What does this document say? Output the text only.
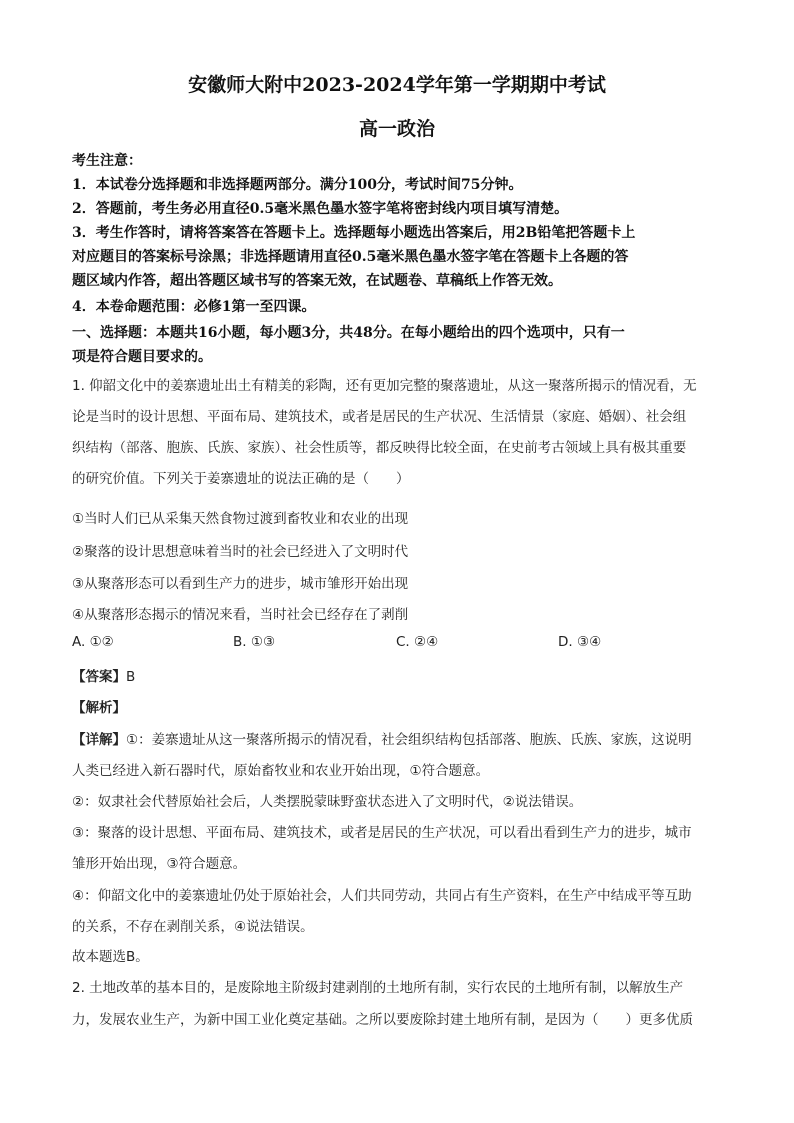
安徽师大附中2023-2024学年第一学期期中考试
高一政治
考生注意：
1．本试卷分选择题和非选择题两部分。满分100分，考试时间75分钟。
2．答题前，考生务必用直径0.5毫米黑色墨水签字笔将密封线内项目填写清楚。
3．考生作答时，请将答案答在答题卡上。选择题每小题选出答案后，用2B铅笔把答题卡上
对应题目的答案标号涂黑；非选择题请用直径0.5毫米黑色墨水签字笔在答题卡上各题的答
题区域内作答，超出答题区域书写的答案无效，在试题卷、草稿纸上作答无效。
4．本卷命题范围：必修1第一至四课。
一、选择题：本题共16小题，每小题3分，共48分。在每小题给出的四个选项中，只有一
项是符合题目要求的。
1. 仰韶文化中的姜寨遗址出土有精美的彩陶，还有更加完整的聚落遗址，从这一聚落所揭示的情况看，无
论是当时的设计思想、平面布局、建筑技术，或者是居民的生产状况、生活情景（家庭、婚姻）、社会组
织结构（部落、胞族、氏族、家族）、社会性质等，都反映得比较全面，在史前考古领域上具有极其重要
的研究价值。下列关于姜寨遗址的说法正确的是（　　）
①当时人们已从采集天然食物过渡到畜牧业和农业的出现
②聚落的设计思想意味着当时的社会已经进入了文明时代
③从聚落形态可以看到生产力的进步，城市雏形开始出现
④从聚落形态揭示的情况来看，当时社会已经存在了剥削
A. ①②	B. ①③	C. ②④	D. ③④
【答案】B
【解析】
【详解】①：姜寨遗址从这一聚落所揭示的情况看，社会组织结构包括部落、胞族、氏族、家族，这说明
人类已经进入新石器时代，原始畜牧业和农业开始出现，①符合题意。
②：奴隶社会代替原始社会后，人类摆脱蒙昧野蛮状态进入了文明时代，②说法错误。
③：聚落的设计思想、平面布局、建筑技术，或者是居民的生产状况，可以看出看到生产力的进步，城市
雏形开始出现，③符合题意。
④：仰韶文化中的姜寨遗址仍处于原始社会，人们共同劳动，共同占有生产资料，在生产中结成平等互助
的关系，不存在剥削关系，④说法错误。
故本题选B。
2. 土地改革的基本目的，是废除地主阶级封建剥削的土地所有制，实行农民的土地所有制，以解放生产
力，发展农业生产，为新中国工业化奠定基础。之所以要废除封建土地所有制，是因为（　　）更多优质
